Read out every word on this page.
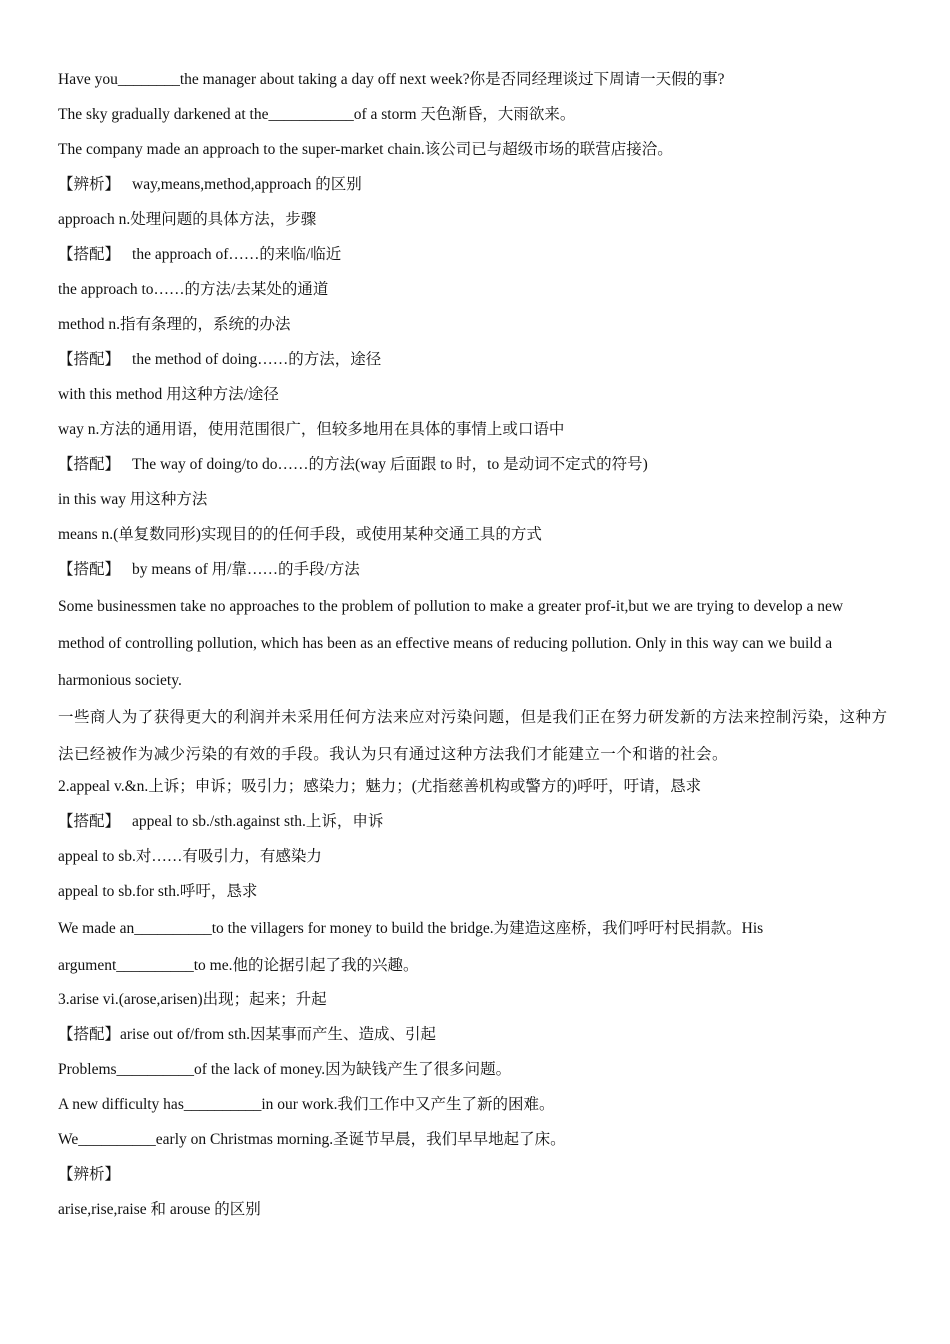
Have you________the manager about taking a day off next week?你是否同经理谈过下周请一天假的事?
The sky gradually darkened at the___________of a storm 天色渐昏，大雨欲来。
The company made an approach to the super-market chain.该公司已与超级市场的联营店接洽。
【辨析】 way,means,method,approach 的区别
approach n.处理问题的具体方法，步骤
【搭配】 the approach of……的来临/临近
the approach to……的方法/去某处的通道
method n.指有条理的，系统的办法
【搭配】 the method of doing……的方法，途径
with this method 用这种方法/途径
way n.方法的通用语，使用范围很广，但较多地用在具体的事情上或口语中
【搭配】 The way of doing/to do……的方法(way 后面跟 to 时，to 是动词不定式的符号)
in this way 用这种方法
means n.(单复数同形)实现目的的任何手段，或使用某种交通工具的方式
【搭配】 by means of 用/靠……的手段/方法
Some businessmen take no approaches to the problem of pollution to make a greater prof-it,but we are trying to develop a new method of controlling pollution, which has been as an effective means of reducing pollution. Only in this way can we build a harmonious society.
一些商人为了获得更大的利润并未采用任何方法来应对污染问题，但是我们正在努力研发新的方法来控制污染，这种方法已经被作为减少污染的有效的手段。我认为只有通过这种方法我们才能建立一个和谐的社会。
2.appeal v.&n.上诉；申诉；吸引力；感染力；魅力；(尤指慈善机构或警方的)呼吁，吁请，恳求
【搭配】 appeal to sb./sth.against sth.上诉，申诉
appeal to sb.对……有吸引力，有感染力
appeal to sb.for sth.呼吁，恳求
We made an__________to the villagers for money to build the bridge.为建造这座桥，我们呼吁村民捐款。His argument__________to me.他的论据引起了我的兴趣。
3.arise vi.(arose,arisen)出现；起来；升起
【搭配】arise out of/from sth.因某事而产生、造成、引起
Problems__________of the lack of money.因为缺钱产生了很多问题。
A new difficulty has__________in our work.我们工作中又产生了新的困难。
We__________early on Christmas morning.圣诞节早晨，我们早早地起了床。
【辨析】
arise,rise,raise 和 arouse 的区别
